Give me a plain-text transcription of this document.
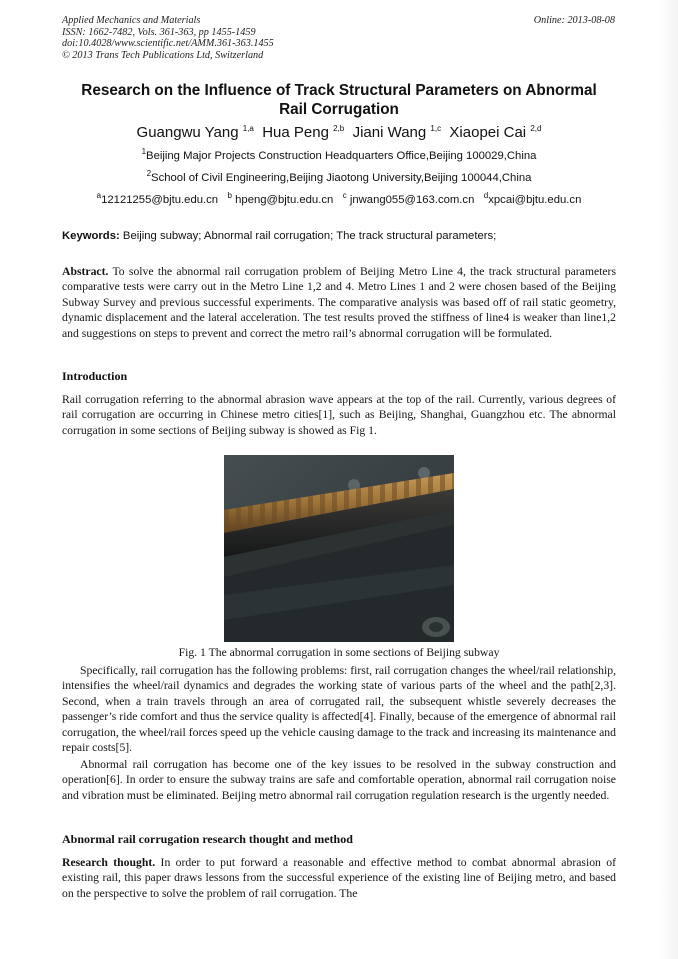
Applied Mechanics and Materials
ISSN: 1662-7482, Vols. 361-363, pp 1455-1459
doi:10.4028/www.scientific.net/AMM.361-363.1455
© 2013 Trans Tech Publications Ltd, Switzerland
Online: 2013-08-08
Research on the Influence of Track Structural Parameters on Abnormal
Rail Corrugation
Guangwu Yang $^{1,a}$ Hua Peng $^{2,b}$ Jiani Wang $^{1,c}$ Xiaopei Cai $^{2,d}$
$^1$Beijing Major Projects Construction Headquarters Office,Beijing 100029,China
$^2$School of Civil Engineering,Beijing Jiaotong University,Beijing 100044,China
$^a$12121255@bjtu.edu.cn $^b$ hpeng@bjtu.edu.cn $^c$ jnwang055@163.com.cn $^d$xpcai@bjtu.edu.cn
Keywords: Beijing subway; Abnormal rail corrugation; The track structural parameters;
Abstract. To solve the abnormal rail corrugation problem of Beijing Metro Line 4, the track structural parameters comparative tests were carry out in the Metro Line 1,2 and 4. Metro Lines 1 and 2 were chosen based of the Beijing Subway Survey and previous successful experiments. The comparative analysis was based off of rail static geometry, dynamic displacement and the lateral acceleration. The test results proved the stiffness of line4 is weaker than line1,2 and suggestions on steps to prevent and correct the metro rail’s abnormal corrugation will be formulated.
Introduction
Rail corrugation referring to the abnormal abrasion wave appears at the top of the rail. Currently, various degrees of rail corrugation are occurring in Chinese metro cities[1], such as Beijing, Shanghai, Guangzhou etc. The abnormal corrugation in some sections of Beijing subway is showed as Fig 1.
Fig. 1 The abnormal corrugation in some sections of Beijing subway
Specifically, rail corrugation has the following problems: first, rail corrugation changes the wheel/rail relationship, intensifies the wheel/rail dynamics and degrades the working state of various parts of the wheel and the path[2,3]. Second, when a train travels through an area of corrugated rail, the subsequent whistle severely decreases the passenger’s ride comfort and thus the service quality is affected[4]. Finally, because of the emergence of abnormal rail corrugation, the wheel/rail forces speed up the vehicle causing damage to the track and increasing its maintenance and repair costs[5].
Abnormal rail corrugation has become one of the key issues to be resolved in the subway construction and operation[6]. In order to ensure the subway trains are safe and comfortable operation, abnormal rail corrugation noise and vibration must be eliminated. Beijing metro abnormal rail corrugation regulation research is the urgently needed.
Abnormal rail corrugation research thought and method
Research thought. In order to put forward a reasonable and effective method to combat abnormal abrasion of existing rail, this paper draws lessons from the successful experience of the existing line of Beijing metro, and based on the perspective to solve the problem of rail corrugation. The
